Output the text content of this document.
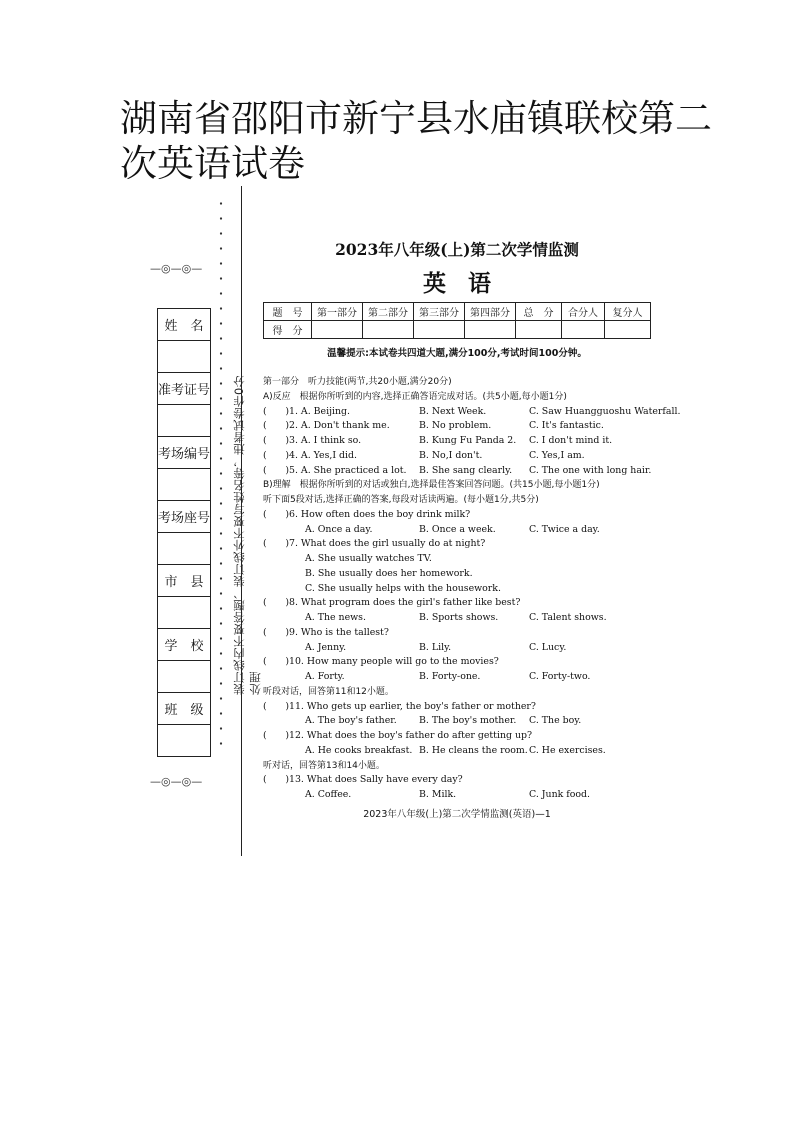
湖南省邵阳市新宁县水庙镇联校第二次英语试卷
—◎—◎—
—◎—◎—
姓　名

准考证号

考场编号

考场座号

市　县

学　校

班　级

装订线内不要答题、装订线外不要写姓名等，违者试卷作0分处理
2023年八年级(上)第二次学情监测
英语
题　号	第一部分	第二部分	第三部分	第四部分	总　分	合分人	复分人
得　分							
温馨提示:本试卷共四道大题,满分100分,考试时间100分钟。
第一部分　听力技能(两节,共20小题,满分20分)
A)反应　根据你所听到的内容,选择正确答语完成对话。(共5小题,每小题1分)
(　　) 1. A. Beijing.	B. Next Week.	C. Saw Huangguoshu Waterfall.
(　　) 2. A. Don't thank me.	B. No problem.	C. It's fantastic.
(　　) 3. A. I think so.	B. Kung Fu Panda 2. C. I don't mind it.
(　　) 4. A. Yes,I did.	B. No,I don't.	C. Yes,I am.
(　　) 5. A. She practiced a lot. B. She sang clearly. C. The one with long hair.
B)理解　根据你所听到的对话或独白,选择最佳答案回答问题。(共15小题,每小题1分)
听下面5段对话,选择正确的答案,每段对话读两遍。(每小题1分,共5分)
(　　) 6. How often does the boy drink milk?
A. Once a day.	B. Once a week.	C. Twice a day.
(　　) 7. What does the girl usually do at night?
A. She usually watches TV.
B. She usually does her homework.
C. She usually helps with the housework.
(　　) 8. What program does the girl's father like best?
A. The news.	B. Sports shows.	C. Talent shows.
(　　) 9. Who is the tallest?
A. Jenny.	B. Lily.	C. Lucy.
(　　) 10. How many people will go to the movies?
A. Forty.	B. Forty-one.	C. Forty-two.
听段对话，回答第11和12小题。
(　　) 11. Who gets up earlier, the boy's father or mother?
A. The boy's father. B. The boy's mother. C. The boy.
(　　) 12. What does the boy's father do after getting up?
A. He cooks breakfast. B. He cleans the room. C. He exercises.
听对话，回答第13和14小题。
(　　) 13. What does Sally have every day?
A. Coffee.	B. Milk.	C. Junk food.
2023年八年级(上)第二次学情监测(英语)—1
